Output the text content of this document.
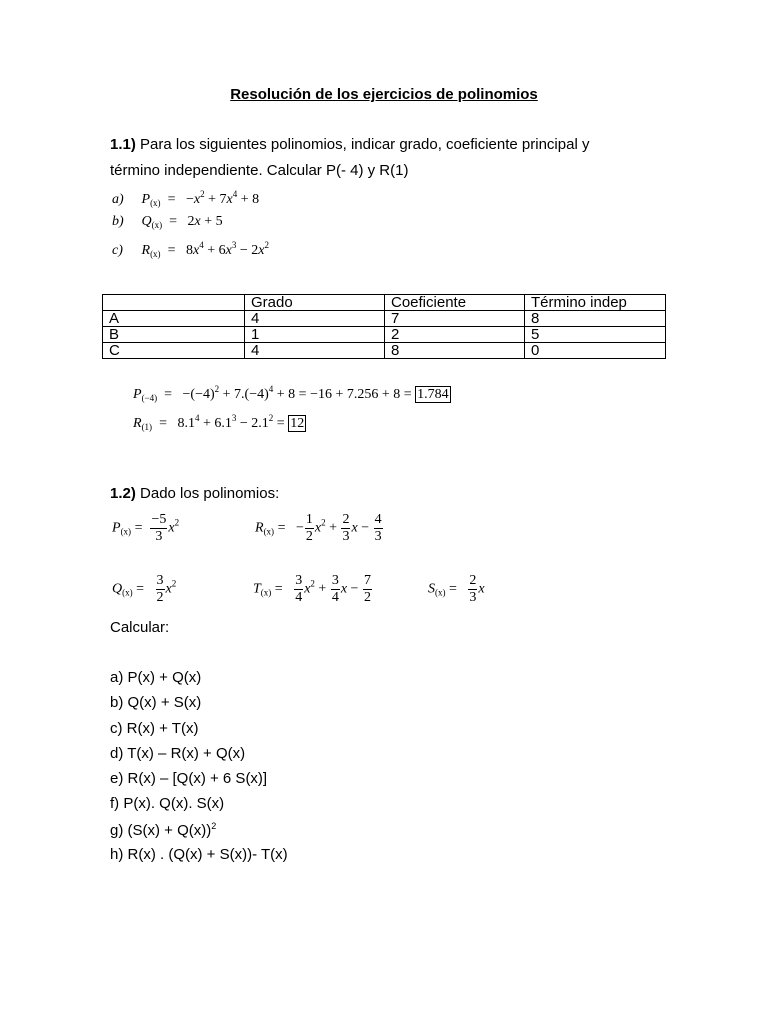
Resolución de los ejercicios de polinomios
1.1) Para los siguientes polinomios, indicar grado, coeficiente principal y
término independiente. Calcular P(- 4) y R(1)
a) $P_{(x)} = -x^2 + 7x^4 + 8$
b) $Q_{(x)} = 2x + 5$
c) $R_{(x)} = 8x^4 + 6x^3 - 2x^2$
	Grado	Coeficiente	Término indep
A	4	7	8
B	1	2	5
C	4	8	0
$P_{(-4)} = -(-4)^2 + 7.(-4)^4 + 8 = -16 + 7.256 + 8 = 1.784$
$R_{(1)} = 8.1^4 + 6.1^3 - 2.1^2 = 12$
1.2) Dado los polinomios:
$P_{(x)} = \frac{-5}{3} x^2$	$R_{(x)}$ =   − $\frac{1}{2} x^2 + \frac{2}{3}$ $x - \frac{4}{3}$
$Q_{(x)} = \frac{3}{2} x^2$	$T_{(x)} = \frac{3}{4} x^2 + \frac{3}{4}$ $x - \frac{7}{2}$	$S_{(x)} = \frac{2}{3}$ x
Calcular:
a) P(x) + Q(x)
b) Q(x) + S(x)
c) R(x) + T(x)
d) T(x) – R(x) + Q(x)
e) R(x) – [Q(x) + 6 S(x)]
f) P(x). Q(x). S(x)
g) $(S(x) + Q(x))^2$
h) R(x) . (Q(x) + S(x))- T(x)
